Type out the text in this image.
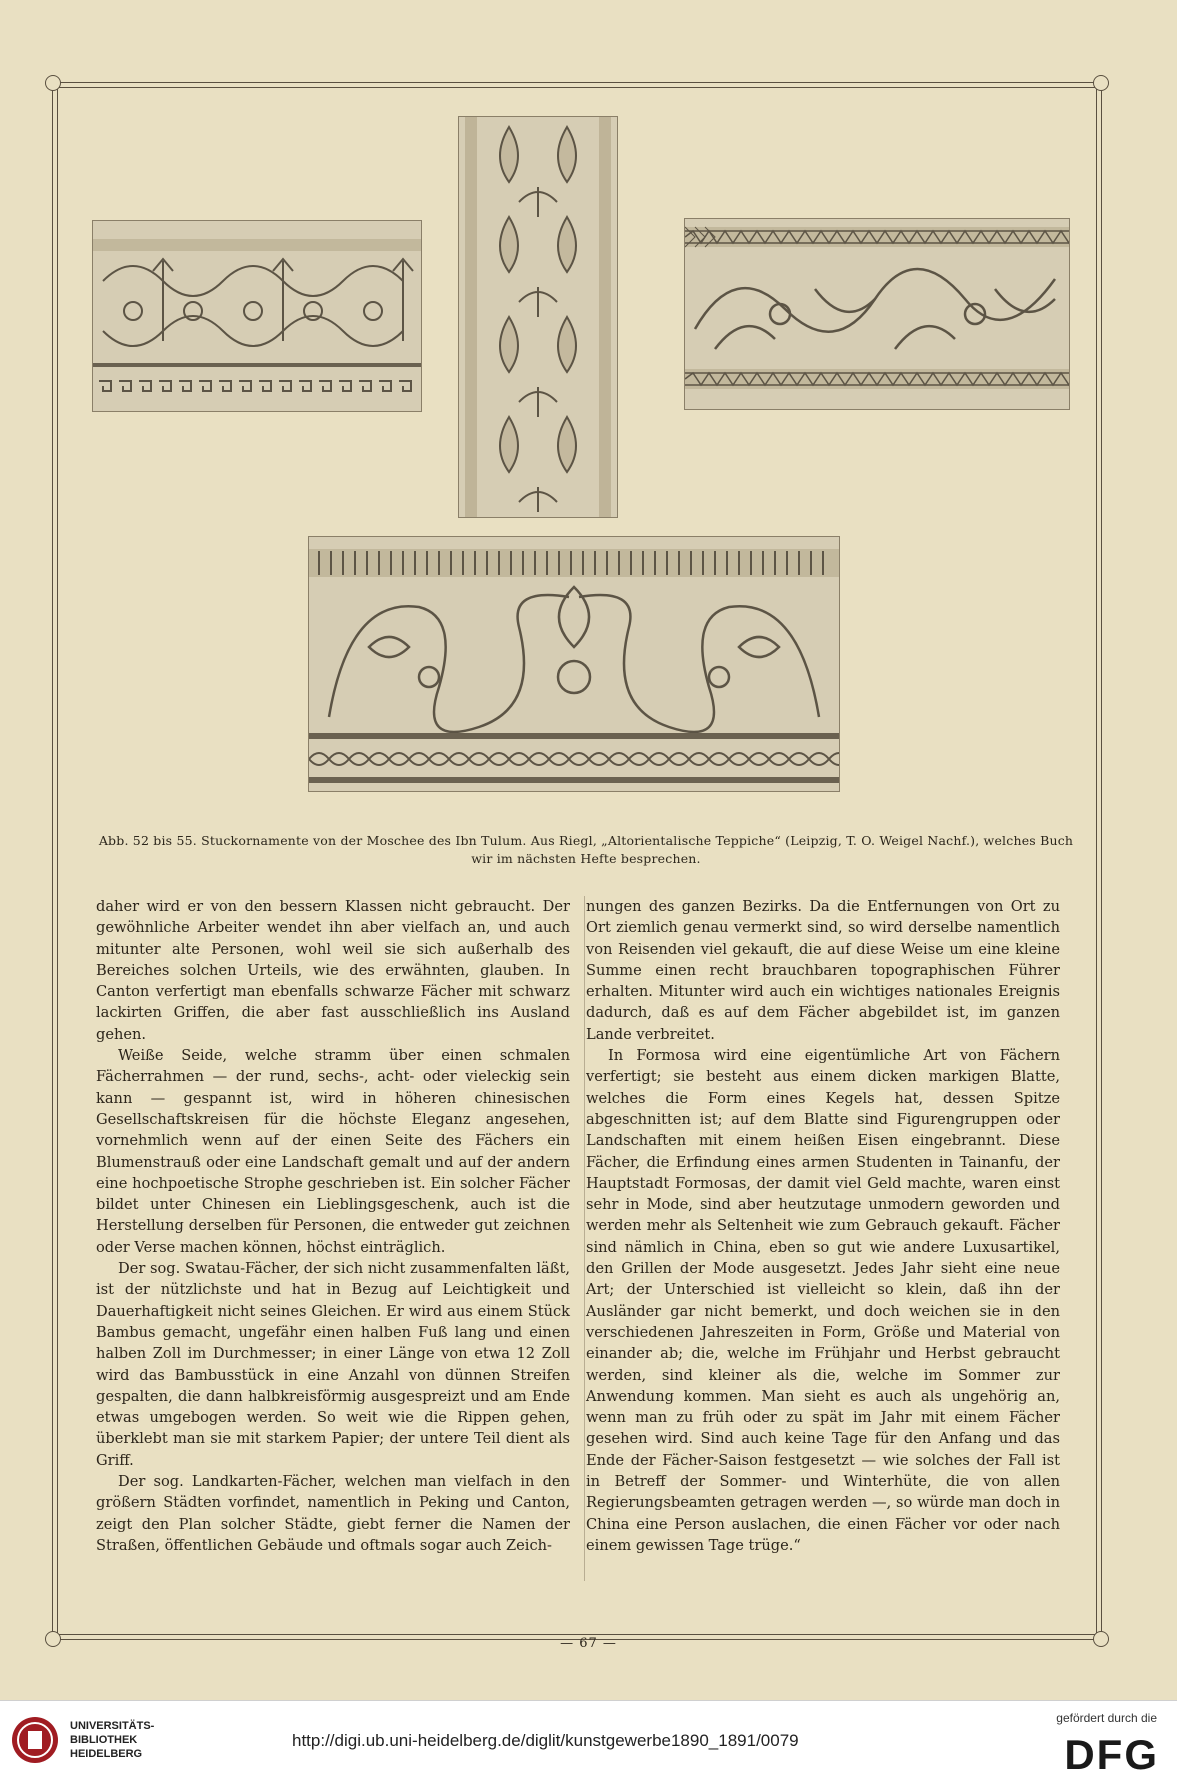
Abb. 52 bis 55. Stuckornamente von der Moschee des Ibn Tulum. Aus Riegl, „Altorientalische Teppiche“ (Leipzig, T. O. Weigel Nachf.), welches Buch wir im nächsten Hefte besprechen.

daher wird er von den bessern Klassen nicht gebraucht. Der gewöhnliche Arbeiter wendet ihn aber vielfach an, und auch mitunter alte Personen, wohl weil sie sich außerhalb des Bereiches solchen Urteils, wie des erwähnten, glauben. In Canton verfertigt man ebenfalls schwarze Fächer mit schwarz lackirten Griffen, die aber fast ausschließlich ins Ausland gehen.

Weiße Seide, welche stramm über einen schmalen Fächerrahmen — der rund, sechs-, acht- oder vieleckig sein kann — gespannt ist, wird in höheren chinesischen Gesellschaftskreisen für die höchste Eleganz angesehen, vornehmlich wenn auf der einen Seite des Fächers ein Blumenstrauß oder eine Landschaft gemalt und auf der andern eine hochpoetische Strophe geschrieben ist. Ein solcher Fächer bildet unter Chinesen ein Lieblingsgeschenk, auch ist die Herstellung derselben für Personen, die entweder gut zeichnen oder Verse machen können, höchst einträglich.

Der sog. Swatau-Fächer, der sich nicht zusammenfalten läßt, ist der nützlichste und hat in Bezug auf Leichtigkeit und Dauerhaftigkeit nicht seines Gleichen. Er wird aus einem Stück Bambus gemacht, ungefähr einen halben Fuß lang und einen halben Zoll im Durchmesser; in einer Länge von etwa 12 Zoll wird das Bambusstück in eine Anzahl von dünnen Streifen gespalten, die dann halbkreisförmig ausgespreizt und am Ende etwas umgebogen werden. So weit wie die Rippen gehen, überklebt man sie mit starkem Papier; der untere Teil dient als Griff.

Der sog. Landkarten-Fächer, welchen man vielfach in den größern Städten vorfindet, namentlich in Peking und Canton, zeigt den Plan solcher Städte, giebt ferner die Namen der Straßen, öffentlichen Gebäude und oftmals sogar auch Zeich-

nungen des ganzen Bezirks. Da die Entfernungen von Ort zu Ort ziemlich genau vermerkt sind, so wird derselbe namentlich von Reisenden viel gekauft, die auf diese Weise um eine kleine Summe einen recht brauchbaren topographischen Führer erhalten. Mitunter wird auch ein wichtiges nationales Ereignis dadurch, daß es auf dem Fächer abgebildet ist, im ganzen Lande verbreitet.

In Formosa wird eine eigentümliche Art von Fächern verfertigt; sie besteht aus einem dicken markigen Blatte, welches die Form eines Kegels hat, dessen Spitze abgeschnitten ist; auf dem Blatte sind Figurengruppen oder Landschaften mit einem heißen Eisen eingebrannt. Diese Fächer, die Erfindung eines armen Studenten in Tainanfu, der Hauptstadt Formosas, der damit viel Geld machte, waren einst sehr in Mode, sind aber heutzutage unmodern geworden und werden mehr als Seltenheit wie zum Gebrauch gekauft. Fächer sind nämlich in China, eben so gut wie andere Luxusartikel, den Grillen der Mode ausgesetzt. Jedes Jahr sieht eine neue Art; der Unterschied ist vielleicht so klein, daß ihn der Ausländer gar nicht bemerkt, und doch weichen sie in den verschiedenen Jahreszeiten in Form, Größe und Material von einander ab; die, welche im Frühjahr und Herbst gebraucht werden, sind kleiner als die, welche im Sommer zur Anwendung kommen. Man sieht es auch als ungehörig an, wenn man zu früh oder zu spät im Jahr mit einem Fächer gesehen wird. Sind auch keine Tage für den Anfang und das Ende der Fächer-Saison festgesetzt — wie solches der Fall ist in Betreff der Sommer- und Winterhüte, die von allen Regierungsbeamten getragen werden —, so würde man doch in China eine Person auslachen, die einen Fächer vor oder nach einem gewissen Tage trüge.“

— 67 —
UNIVERSITÄTS-
BIBLIOTHEK
HEIDELBERG
http://digi.ub.uni-heidelberg.de/diglit/kunstgewerbe1890_1891/0079
gefördert durch die
DFG
